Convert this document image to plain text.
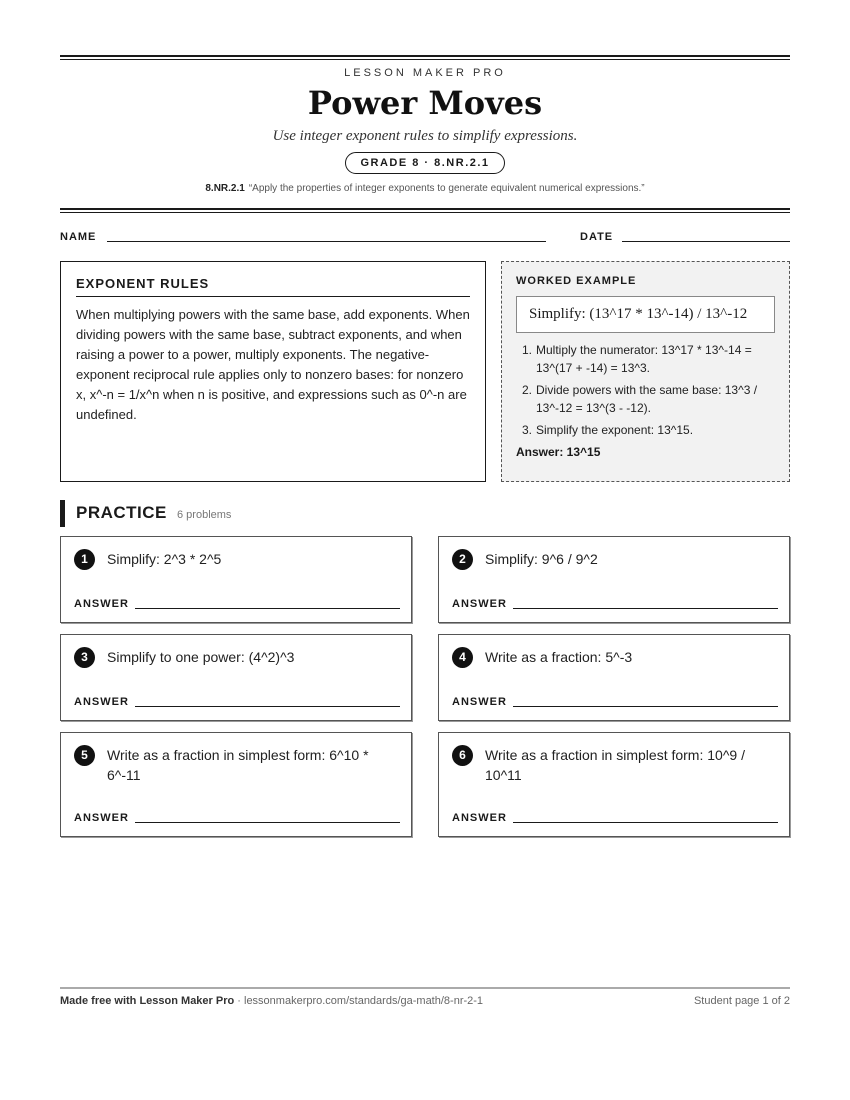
LESSON MAKER PRO
Power Moves
Use integer exponent rules to simplify expressions.
GRADE 8 · 8.NR.2.1
8.NR.2.1 “Apply the properties of integer exponents to generate equivalent numerical expressions.”
NAME	DATE
EXPONENT RULES
When multiplying powers with the same base, add exponents. When dividing powers with the same base, subtract exponents, and when raising a power to a power, multiply exponents. The negative-exponent reciprocal rule applies only to nonzero bases: for nonzero x, x^-n = 1/x^n when n is positive, and expressions such as 0^-n are undefined.
WORKED EXAMPLE
Simplify: (13^17 * 13^-14) / 13^-12
1. Multiply the numerator: 13^17 * 13^-14 = 13^(17 + -14) = 13^3.
2. Divide powers with the same base: 13^3 / 13^-12 = 13^(3 - -12).
3. Simplify the exponent: 13^15.
Answer: 13^15
PRACTICE 6 problems
1	Simplify: 2^3 * 2^5
ANSWER
2	Simplify: 9^6 / 9^2
ANSWER
3	Simplify to one power: (4^2)^3
ANSWER
4	Write as a fraction: 5^-3
ANSWER
5	Write as a fraction in simplest form: 6^10 * 6^-11
ANSWER
6	Write as a fraction in simplest form: 10^9 / 10^11
ANSWER
Made free with Lesson Maker Pro · lessonmakerpro.com/standards/ga-math/8-nr-2-1	Student page 1 of 2
